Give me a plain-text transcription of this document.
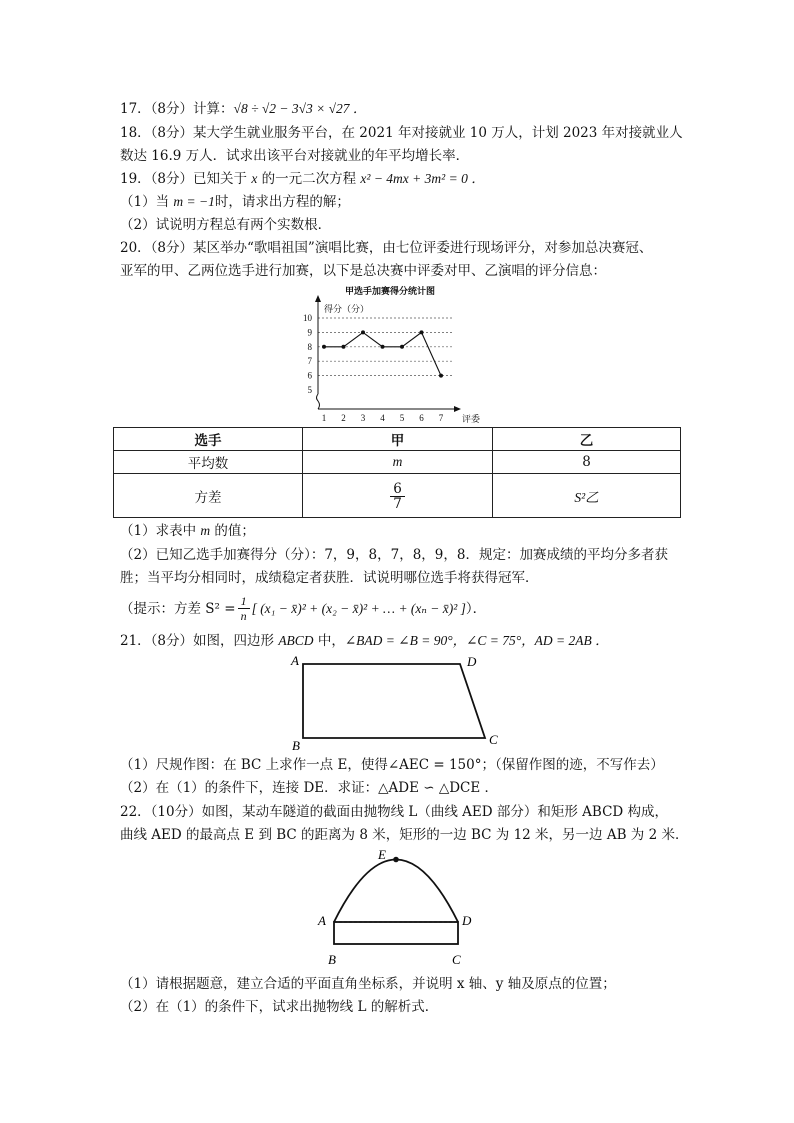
17．（8分）计算：√8 ÷ √2 − 3√3 × √27 ．
18．（8分）某大学生就业服务平台，在 2021 年对接就业 10 万人，计划 2023 年对接就业人
数达 16.9 万人．试求出该平台对接就业的年平均增长率．
19．（8分）已知关于 x 的一元二次方程 x² − 4mx + 3m² = 0 ．
（1）当 m = −1时，请求出方程的解；
（2）试说明方程总有两个实数根．
20．（8分）某区举办“歌唱祖国”演唱比赛，由七位评委进行现场评分，对参加总决赛冠、
亚军的甲、乙两位选手进行加赛，以下是总决赛中评委对甲、乙演唱的评分信息：
甲选手加赛得分统计图
得分（分）
评委
5
6
7
8
9
10
1 2 3 4 5 6 7
选手	甲	乙
平均数	m	8
方差	$\frac{6}{7}$	S²乙
（1）求表中 m 的值；
（2）已知乙选手加赛得分（分）：7，9，8，7，8，9，8．规定：加赛成绩的平均分多者获
胜；当平均分相同时，成绩稳定者获胜．试说明哪位选手将获得冠军．
（提示：方差 $S^2 = \frac{1}{n}$ [ (x₁ − x̄)² + (x₂ − x̄)² + … + (xₙ − x̄)² ] ）．
21．（8分）如图，四边形 ABCD 中，∠BAD = ∠B = 90°，∠C = 75°，AD = 2AB ．
A	D
B	C
（1）尺规作图：在 BC 上求作一点 E，使得∠AEC = 150°；（保留作图的迹，不写作去）
（2）在（1）的条件下，连接 DE．求证：△ADE ∽ △DCE ．
22．（10分）如图，某动车隧道的截面由抛物线 L（曲线 AED 部分）和矩形 ABCD 构成，
曲线 AED 的最高点 E 到 BC 的距离为 8 米，矩形的一边 BC 为 12 米，另一边 AB 为 2 米．
E
A	D
B	C
（1）请根据题意，建立合适的平面直角坐标系，并说明 x 轴、y 轴及原点的位置；
（2）在（1）的条件下，试求出抛物线 L 的解析式．
